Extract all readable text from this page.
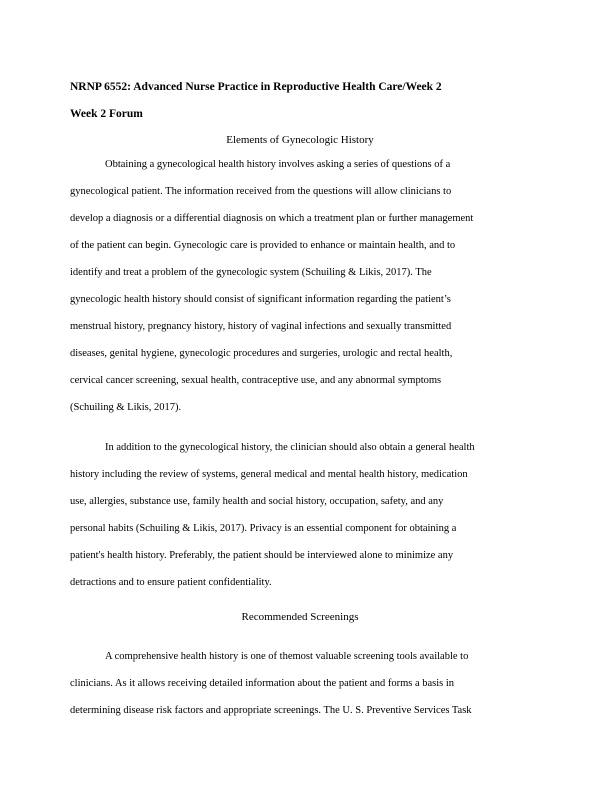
NRNP 6552: Advanced Nurse Practice in Reproductive Health Care/Week 2
Week 2 Forum
Elements of Gynecologic History
Obtaining a gynecological health history involves asking a series of questions of a
gynecological patient. The information received from the questions will allow clinicians to
develop a diagnosis or a differential diagnosis on which a treatment plan or further management
of the patient can begin. Gynecologic care is provided to enhance or maintain health, and to
identify and treat a problem of the gynecologic system (Schuiling & Likis, 2017). The
gynecologic health history should consist of significant information regarding the patient’s
menstrual history, pregnancy history, history of vaginal infections and sexually transmitted
diseases, genital hygiene, gynecologic procedures and surgeries, urologic and rectal health,
cervical cancer screening, sexual health, contraceptive use, and any abnormal symptoms
(Schuiling & Likis, 2017).
In addition to the gynecological history, the clinician should also obtain a general health
history including the review of systems, general medical and mental health history, medication
use, allergies, substance use, family health and social history, occupation, safety, and any
personal habits (Schuiling & Likis, 2017). Privacy is an essential component for obtaining a
patient's health history. Preferably, the patient should be interviewed alone to minimize any
detractions and to ensure patient confidentiality.
Recommended Screenings
A comprehensive health history is one of themost valuable screening tools available to
clinicians. As it allows receiving detailed information about the patient and forms a basis in
determining disease risk factors and appropriate screenings. The U. S. Preventive Services Task
